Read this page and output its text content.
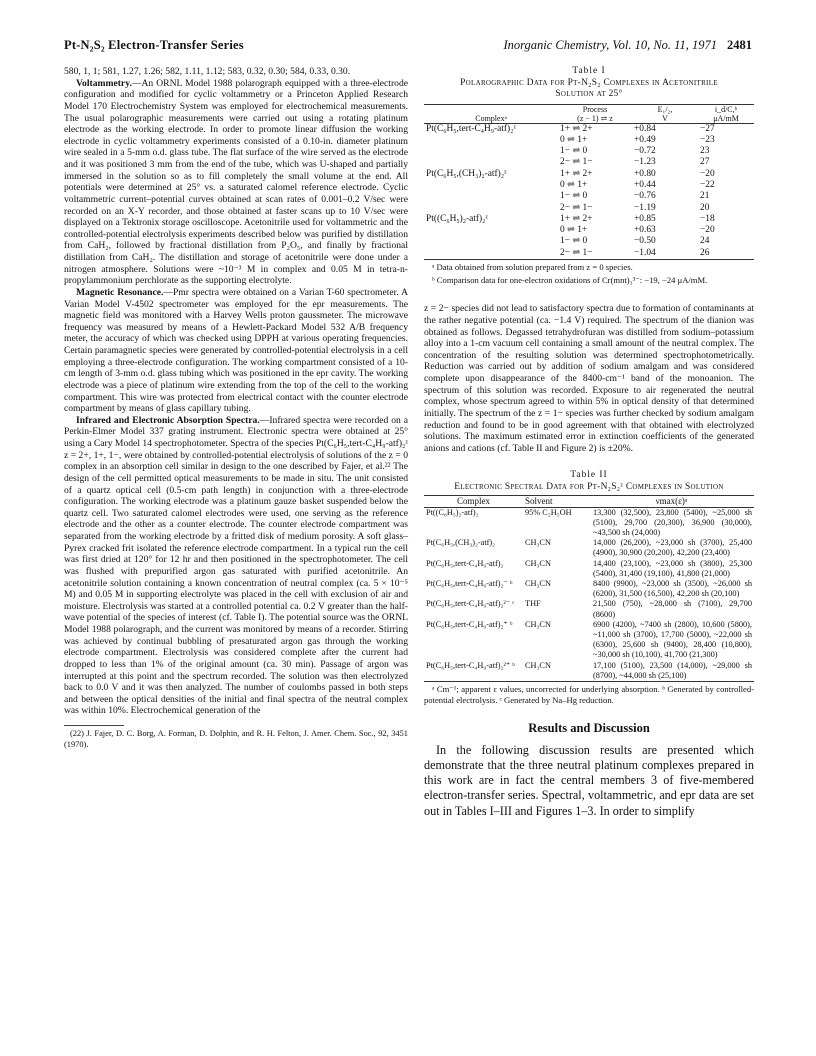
Pt-N₂S₂ Electron-Transfer Series	Inorganic Chemistry, Vol. 10, No. 11, 1971 2481

580, 1, 1; 581, 1.27, 1.26; 582, 1.11, 1.12; 583, 0.32, 0.30; 584, 0.33, 0.30.

Voltammetry.—An ORNL Model 1988 polarograph equipped with a three-electrode configuration and modified for cyclic voltammetry or a Princeton Applied Research Model 170 Electrochemistry System was employed for electrochemical measurements. The usual polarographic measurements were carried out using a rotating platinum electrode as the working electrode. In order to promote linear diffusion the working electrode in cyclic voltammetry experiments consisted of a 0.10-in. diameter platinum wire sealed in a 5-mm o.d. glass tube. The flat surface of the wire served as the electrode and it was positioned 3 mm from the end of the tube, which was U-shaped and partially immersed in the solution so as to fill completely the small volume at the end. All potentials were determined at 25° vs. a saturated calomel reference electrode. Cyclic voltammetric current–potential curves obtained at scan rates of 0.001–0.2 V/sec were recorded on an X-Y recorder, and those obtained at faster scans up to 10 V/sec were displayed on a Tektronix storage oscilloscope. Acetonitrile used for voltammetric and the controlled-potential electrolysis experiments described below was purified by distillation from CaH₂, followed by fractional distillation from P₂O₅, and finally by fractional distillation from CaH₂. The distillation and storage of acetonitrile were done under a nitrogen atmosphere. Solutions were ~10⁻³ M in complex and 0.05 M in tetra-n-propylammonium perchlorate as the supporting electrolyte.

Magnetic Resonance.—Pmr spectra were obtained on a Varian T-60 spectrometer. A Varian Model V-4502 spectrometer was employed for the epr measurements. The magnetic field was monitored with a Harvey Wells proton gaussmeter. The microwave frequency was measured by means of a Hewlett-Packard Model 532 A/B frequency meter, the accuracy of which was checked using DPPH at various operating frequencies. Certain paramagnetic species were generated by controlled-potential electrolysis in a cell employing a three-electrode configuration. The working compartment consisted of a 10-cm length of 3-mm o.d. glass tubing which was positioned in the epr cavity. The working electrode was a piece of platinum wire extending from the top of the cell to the working compartment. This wire was protected from electrical contact with the counter electrode compartment by means of glass capillary tubing.

Infrared and Electronic Absorption Spectra.—Infrared spectra were recorded on a Perkin-Elmer Model 337 grating instrument. Electronic spectra were obtained at 25° using a Cary Model 14 spectrophotometer. Spectra of the species Pt(C₆H₅,tert-C₄H₉-atf)₂ᶻ z = 2+, 1+, 1−, were obtained by controlled-potential electrolysis of solutions of the z = 0 complex in an absorption cell similar in design to the one described by Fajer, et al.²² The design of the cell permitted optical measurements to be made in situ. The unit consisted of a quartz optical cell (0.5-cm path length) in conjunction with a three-electrode configuration. The working electrode was a platinum gauze basket suspended below the quartz cell. Two saturated calomel electrodes were used, one serving as the reference electrode and the other as a counter electrode. The counter electrode compartment was separated from the working electrode by a fritted disk of medium porosity. A soft glass–Pyrex cracked frit isolated the reference electrode compartment. In a typical run the cell was first dried at 120° for 12 hr and then positioned in the spectrophotometer. The cell was flushed with prepurified argon gas saturated with purified acetonitrile. An acetonitrile solution containing a known concentration of neutral complex (ca. 5 × 10⁻⁵ M) and 0.05 M in supporting electrolyte was placed in the cell with exclusion of air and moisture. Electrolysis was started at a controlled potential ca. 0.2 V greater than the half-wave potential of the species of interest (cf. Table I). The potential source was the ORNL Model 1988 polarograph, and the current was monitored by means of a recorder. Stirring was achieved by continual bubbling of presaturated argon gas through the working electrode compartment. Electrolysis was considered complete after the current had dropped to less than 1% of the original amount (ca. 30 min). Passage of argon was interrupted at this point and the spectrum recorded. The solution was then electrolyzed back to 0.0 V and it was then analyzed. The number of coulombs passed in both steps and between the optical densities of the initial and final spectra of the neutral complex was within 10%. Electrochemical generation of the

(22) J. Fajer, D. C. Borg, A. Forman, D. Dolphin, and R. H. Felton, J. Amer. Chem. Soc., 92, 3451 (1970).

Table I
Polarographic Data for Pt-N₂S₂ Complexes in Acetonitrile Solution at 25°
	Process	E₁/₂,	i_d/C,ᵇ
Complexᵃ	(z − 1) ⇌ z	V	μA/mM
Pt(C₆H₅,tert-C₄H₉-atf)₂ᶻ	1+ ⇌ 2+	+0.84	−27
	0 ⇌ 1+	+0.49	−23
	1− ⇌ 0	−0.72	23
	2− ⇌ 1−	−1.23	27
Pt(C₆H₅,(CH₃)₂-atf)₂ᶻ	1+ ⇌ 2+	+0.80	−20
	0 ⇌ 1+	+0.44	−22
	1− ⇌ 0	−0.76	21
	2− ⇌ 1−	−1.19	20
Pt((C₆H₅)₂-atf)₂ᶻ	1+ ⇌ 2+	+0.85	−18
	0 ⇌ 1+	+0.63	−20
	1− ⇌ 0	−0.50	24
	2− ⇌ 1−	−1.04	26

ᵃ Data obtained from solution prepared from z = 0 species.

ᵇ Comparison data for one-electron oxidations of Cr(mnt)₃³⁻: −19, −24 μA/mM.

z = 2− species did not lead to satisfactory spectra due to formation of contaminants at the rather negative potential (ca. −1.4 V) required. The spectrum of the dianion was obtained as follows. Degassed tetrahydrofuran was distilled from sodium–potassium alloy into a 1-cm vacuum cell containing a small amount of the neutral complex. The concentration of the resulting solution was determined spectrophotometrically. Reduction was carried out by addition of sodium amalgam and was considered complete upon disappearance of the 8400-cm⁻¹ band of the monoanion. The spectrum of this solution was recorded. Exposure to air regenerated the neutral complex, whose spectrum agreed to within 5% in optical density of that determined initially. The spectrum of the z = 1− species was further checked by sodium amalgam reduction and found to be in good agreement with that obtained with electrolyzed solutions. The maximum estimated error in extinction coefficients of the generated anions and cations (cf. Table II and Figure 2) is ±20%.

Table II
Electronic Spectral Data for Pt-N₂S₂ᶻ Complexes in Solution
Complex	Solvent	νmax(ε)ᵃ
Pt((C₆H₅)₂-atf)₂	95% C₂H₅OH	13,300 (32,500), 23,800 (5400), ~25,000 sh (5100), 29,700 (20,300), 36,900 (30,000), ~43,500 sh (24,000)
Pt(C₆H₅,(CH₃)₂-atf)₂	CH₃CN	14,000 (26,200), ~23,000 sh (3700), 25,400 (4900), 30,900 (20,200), 42,200 (23,400)
Pt(C₆H₅,tert-C₄H₉-atf)₂	CH₃CN	14,400 (23,100), ~23,000 sh (3800), 25,300 (5400), 31,400 (19,100), 41,800 (21,000)
Pt(C₆H₅,tert-C₄H₉-atf)₂⁻ ᵇ	CH₃CN	8400 (9900), ~23,000 sh (3500), ~26,000 sh (6200), 31,500 (16,500), 42,200 sh (20,100)
Pt(C₆H₅,tert-C₄H₉-atf)₂²⁻ ᶜ	THF	21,500 (750), ~28,000 sh (7100), 29,700 (8600)
Pt(C₆H₅,tert-C₄H₉-atf)₂⁺ ᵇ	CH₃CN	6900 (4200), ~7400 sh (2800), 10,600 (5800), ~11,000 sh (3700), 17,700 (5000), ~22,000 sh (6300), 25,600 sh (9400), 28,400 (10,800), ~30,000 sh (10,100), 41,700 (21,300)
Pt(C₆H₅,tert-C₄H₉-atf)₂²⁺ ᵇ	CH₃CN	17,100 (5100), 23,500 (14,000), ~29,000 sh (8700), ~44,000 sh (25,100)

ᵃ Cm⁻¹; apparent ε values, uncorrected for underlying absorption. ᵇ Generated by controlled-potential electrolysis. ᶜ Generated by Na–Hg reduction.

Results and Discussion

In the following discussion results are presented which demonstrate that the three neutral platinum complexes prepared in this work are in fact the central members 3 of five-membered electron-transfer series. Spectral, voltammetric, and epr data are set out in Tables I–III and Figures 1–3. In order to simplify
